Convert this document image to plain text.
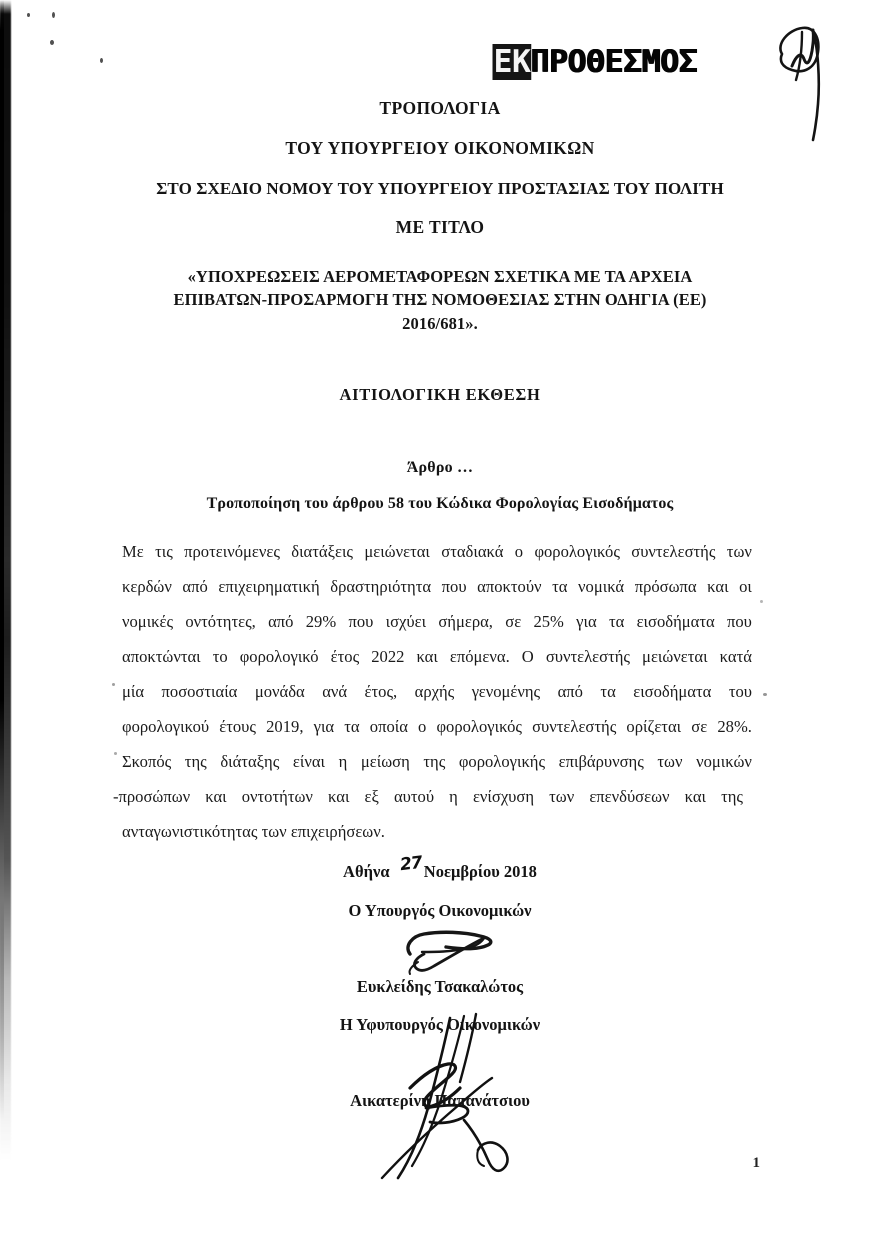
ΕΚΠΡΟΘΕΣΜΟΣ
ΤΡΟΠΟΛΟΓΙΑ
ΤΟΥ ΥΠΟΥΡΓΕΙΟΥ ΟΙΚΟΝΟΜΙΚΩΝ
ΣΤΟ ΣΧΕΔΙΟ ΝΟΜΟΥ ΤΟΥ ΥΠΟΥΡΓΕΙΟΥ ΠΡΟΣΤΑΣΙΑΣ ΤΟΥ ΠΟΛΙΤΗ
ΜΕ ΤΙΤΛΟ
«ΥΠΟΧΡΕΩΣΕΙΣ ΑΕΡΟΜΕΤΑΦΟΡΕΩΝ ΣΧΕΤΙΚΑ ΜΕ ΤΑ ΑΡΧΕΙΑ
ΕΠΙΒΑΤΩΝ-ΠΡΟΣΑΡΜΟΓΗ ΤΗΣ ΝΟΜΟΘΕΣΙΑΣ ΣΤΗΝ ΟΔΗΓΙΑ (ΕΕ)
2016/681».
ΑΙΤΙΟΛΟΓΙΚΗ ΕΚΘΕΣΗ
Άρθρο …
Τροποποίηση του άρθρου 58 του Κώδικα Φορολογίας Εισοδήματος
Με τις προτεινόμενες διατάξεις μειώνεται σταδιακά ο φορολογικός συντελεστής των
κερδών από επιχειρηματική δραστηριότητα που αποκτούν τα νομικά πρόσωπα και οι
νομικές οντότητες, από 29% που ισχύει σήμερα, σε 25% για τα εισοδήματα που
αποκτώνται το φορολογικό έτος 2022 και επόμενα. Ο συντελεστής μειώνεται κατά
μία ποσοστιαία μονάδα ανά έτος, αρχής γενομένης από τα εισοδήματα του
φορολογικού έτους 2019, για τα οποία ο φορολογικός συντελεστής ορίζεται σε 28%.
Σκοπός της διάταξης είναι η μείωση της φορολογικής επιβάρυνσης των νομικών
-προσώπων και οντοτήτων και εξ αυτού η ενίσχυση των επενδύσεων και της
ανταγωνιστικότητας των επιχειρήσεων.
Αθήνα Νοεμβρίου 2018
27
Ο Υπουργός Οικονομικών
Ευκλείδης Τσακαλώτος
Η Υφυπουργός Οικονομικών
Αικατερίνη Παπανάτσιου
1
